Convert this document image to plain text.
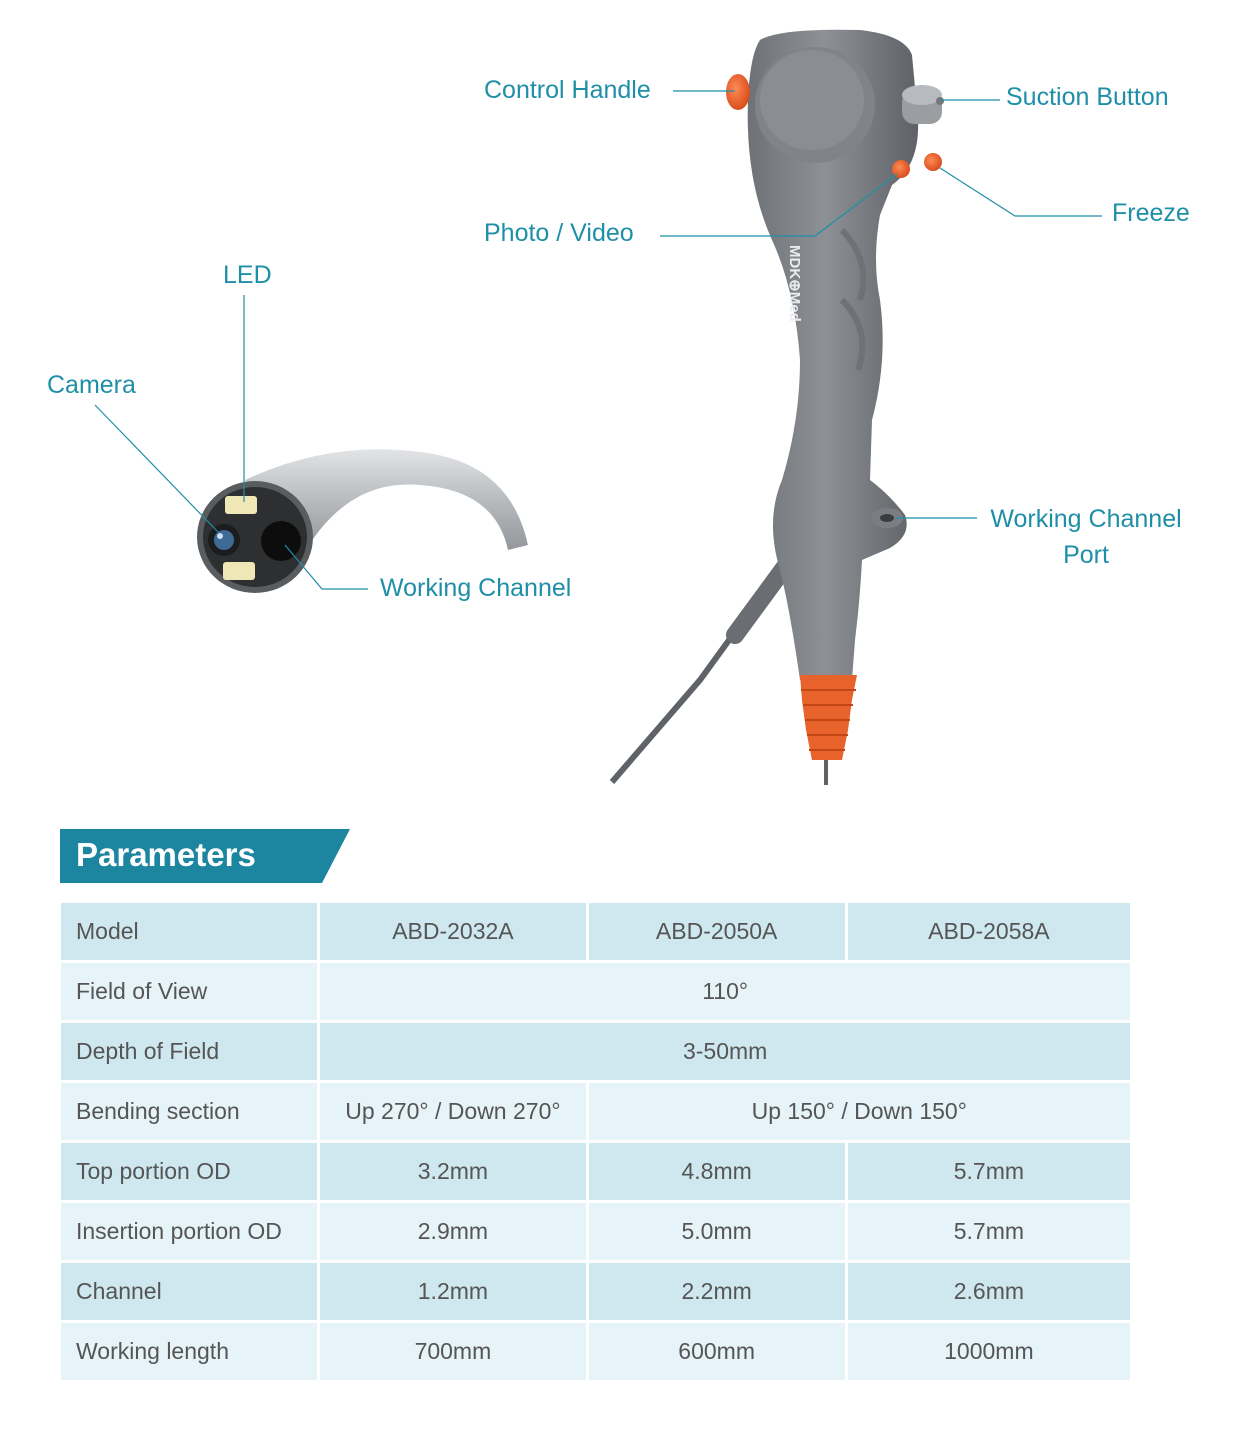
MDK⊕Med
Control Handle	Suction Button
Freeze
Photo / Video
LED
Camera
Working Channel
Working Channel
Port
Parameters
Model	ABD-2032A	ABD-2050A	ABD-2058A
Field of View	110°		
Depth of Field	3-50mm		
Bending section	Up 270° / Down 270°	Up 150° / Down 150°	
Top portion OD	3.2mm	4.8mm	5.7mm
Insertion portion OD	2.9mm	5.0mm	5.7mm
Channel	1.2mm	2.2mm	2.6mm
Working length	700mm	600mm	1000mm
